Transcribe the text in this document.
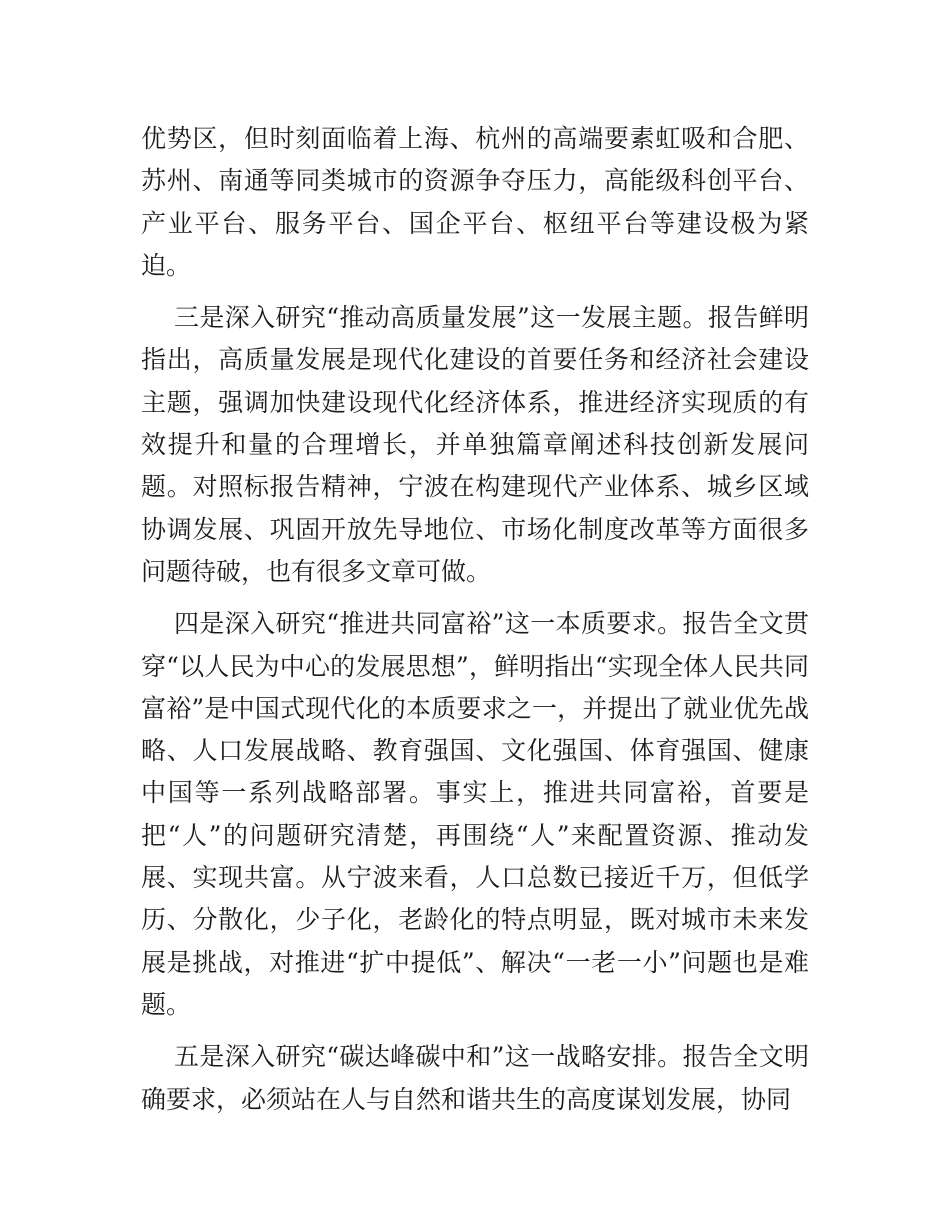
优势区，但时刻面临着上海、杭州的高端要素虹吸和合肥、苏州、南通等同类城市的资源争夺压力，高能级科创平台、产业平台、服务平台、国企平台、枢纽平台等建设极为紧迫。

三是深入研究“推动高质量发展”这一发展主题。报告鲜明指出，高质量发展是现代化建设的首要任务和经济社会建设主题，强调加快建设现代化经济体系，推进经济实现质的有效提升和量的合理增长，并单独篇章阐述科技创新发展问题。对照标报告精神，宁波在构建现代产业体系、城乡区域协调发展、巩固开放先导地位、市场化制度改革等方面很多问题待破，也有很多文章可做。

四是深入研究“推进共同富裕”这一本质要求。报告全文贯穿“以人民为中心的发展思想”，鲜明指出“实现全体人民共同富裕”是中国式现代化的本质要求之一，并提出了就业优先战略、人口发展战略、教育强国、文化强国、体育强国、健康中国等一系列战略部署。事实上，推进共同富裕，首要是把“人”的问题研究清楚，再围绕“人”来配置资源、推动发展、实现共富。从宁波来看，人口总数已接近千万，但低学历、分散化，少子化，老龄化的特点明显，既对城市未来发展是挑战，对推进“扩中提低”、解决“一老一小”问题也是难题。

五是深入研究“碳达峰碳中和”这一战略安排。报告全文明确要求，必须站在人与自然和谐共生的高度谋划发展，协同
